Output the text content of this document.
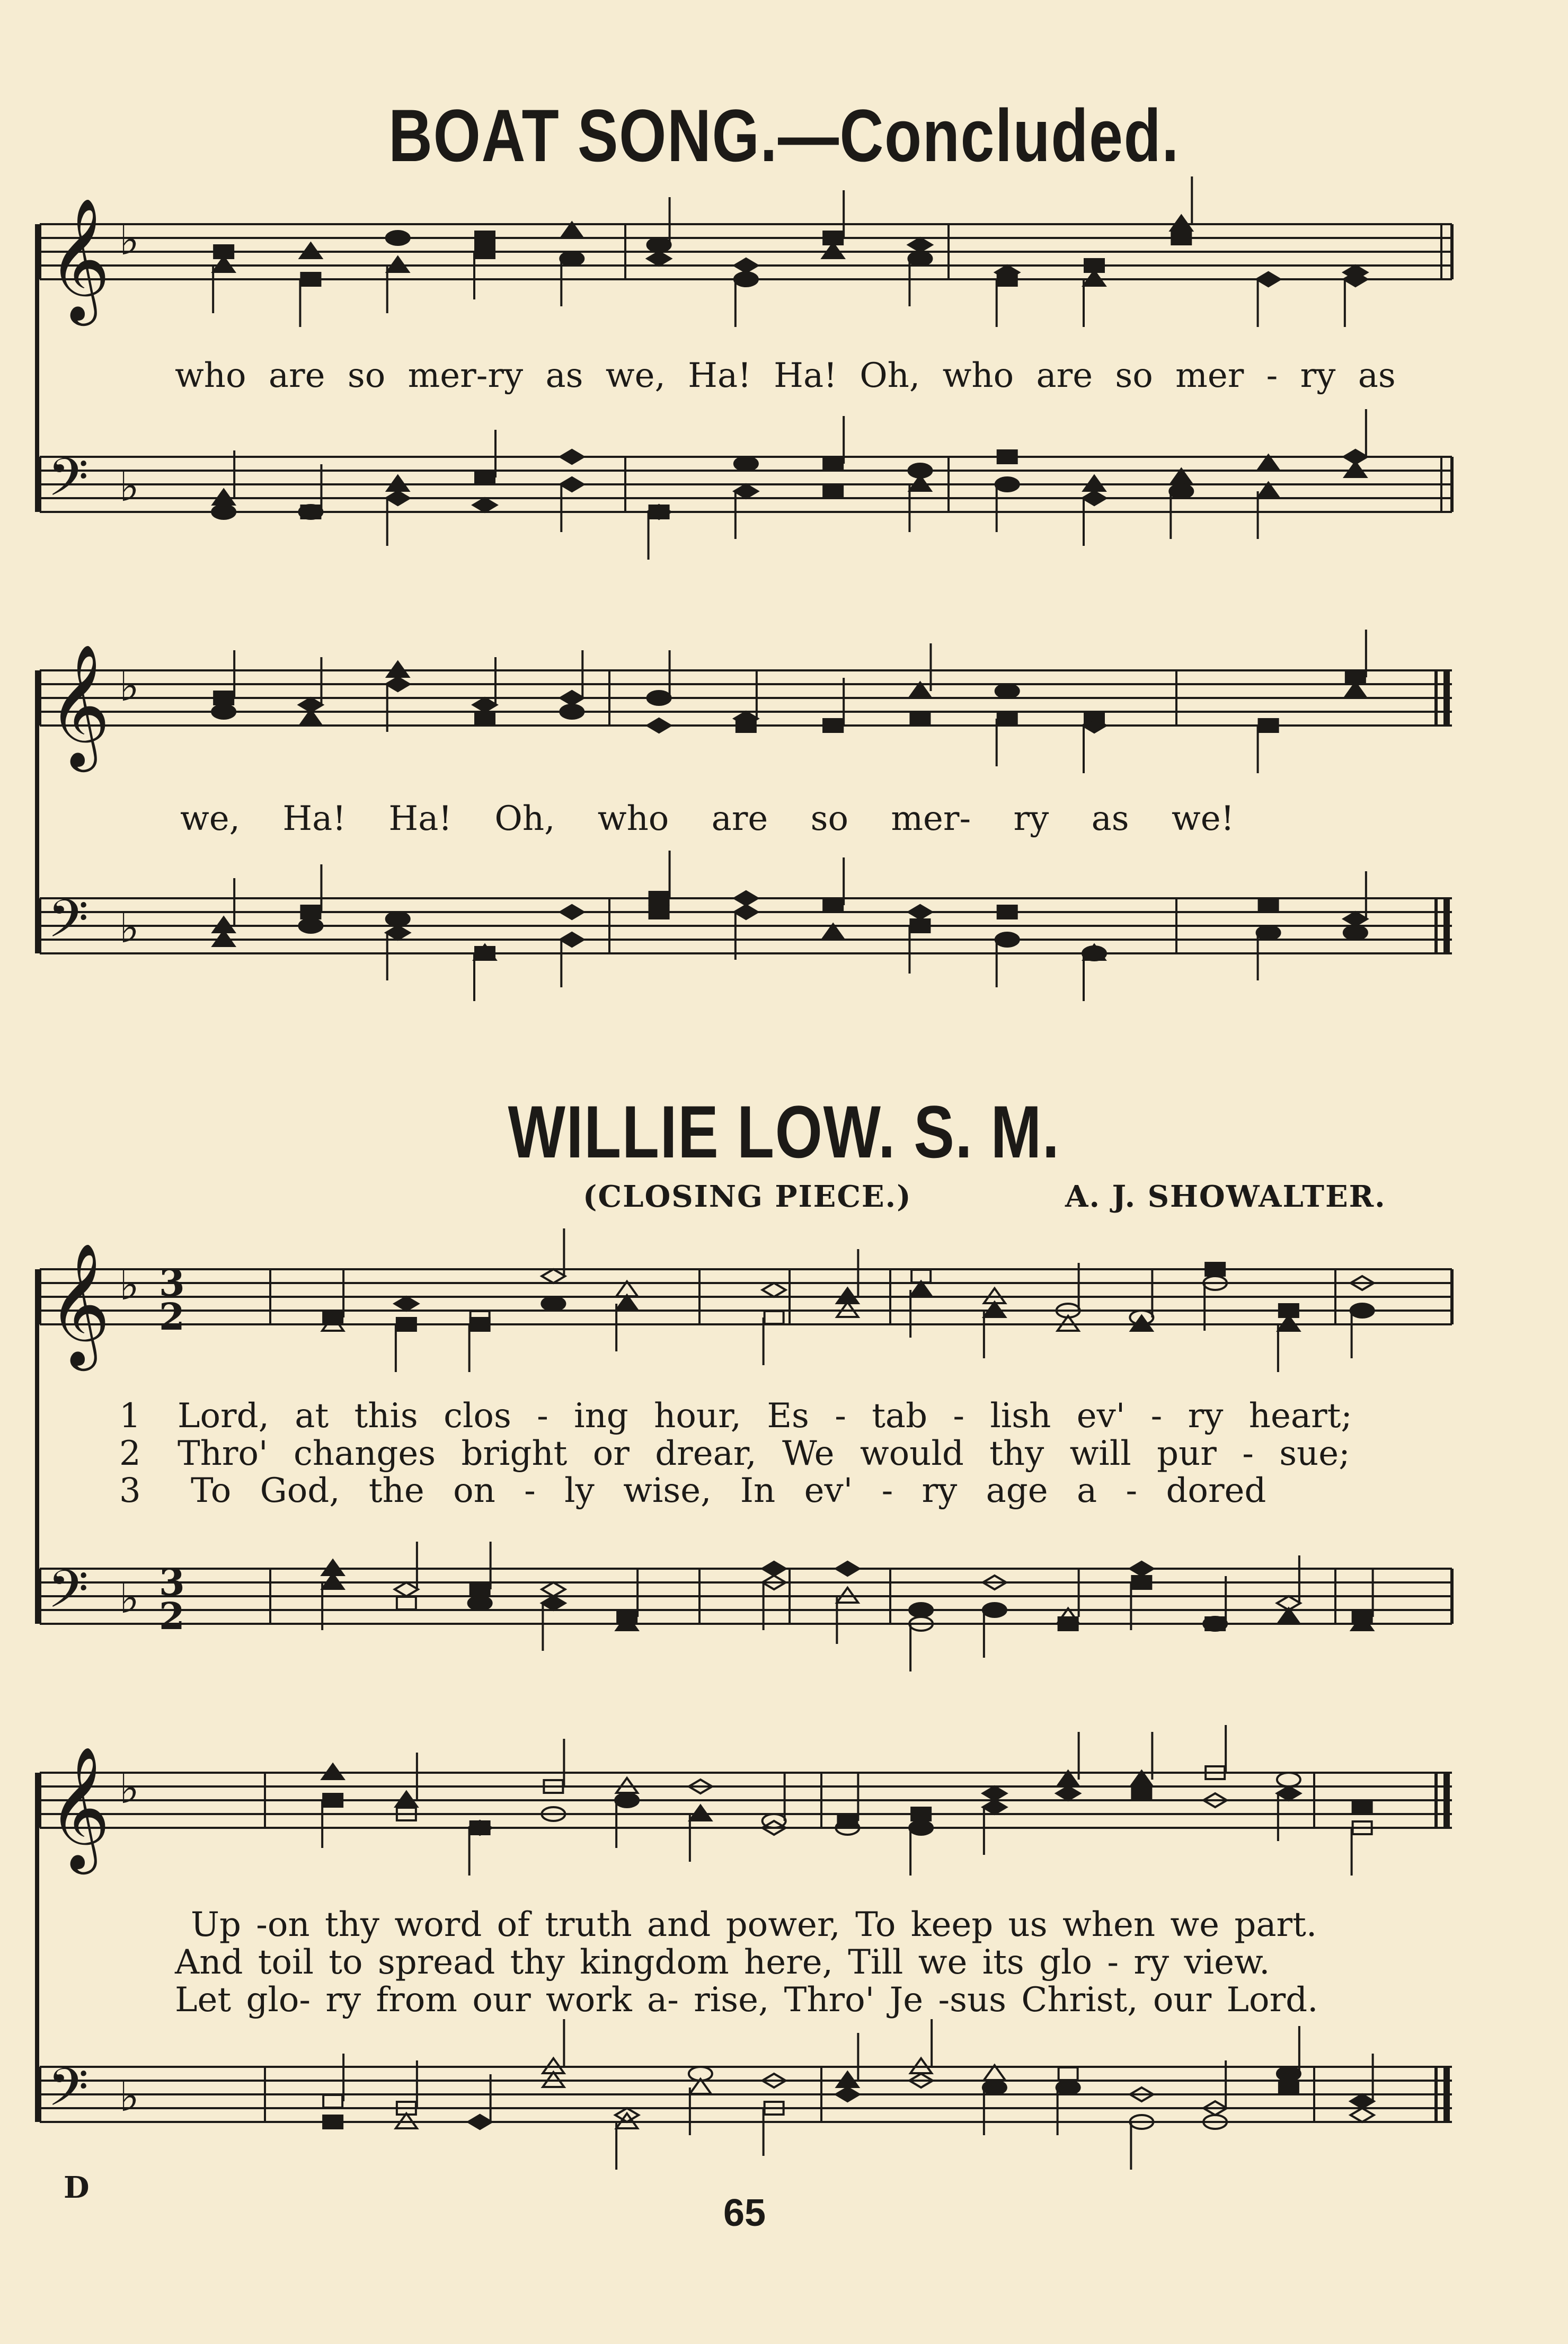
BOAT SONG.—Concluded.
WILLIE LOW. S. M.
(CLOSING PIECE.)	A. J. SHOWALTER.
𝄞 ♭
𝄢 ♭
𝄞 ♭
𝄢 ♭
𝄞 ♭
𝄢 ♭
𝄞 ♭
𝄢 ♭
3
2
3
2
who are so mer-ry as we, Ha! Ha! Oh, who are so mer - ry as
we, Ha! Ha! Oh, who are so mer- ry as we!
1 Lord, at this clos - ing hour, Es - tab - lish ev' - ry heart;
2 Thro' changes bright or drear, We would thy will pur - sue;
3 To God, the on - ly wise, In ev' - ry age a - dored
Up -on thy word of truth and power, To keep us when we part.
And toil to spread thy kingdom here, Till we its glo - ry view.
Let glo- ry from our work a- rise, Thro' Je -sus Christ, our Lord.
D
65
